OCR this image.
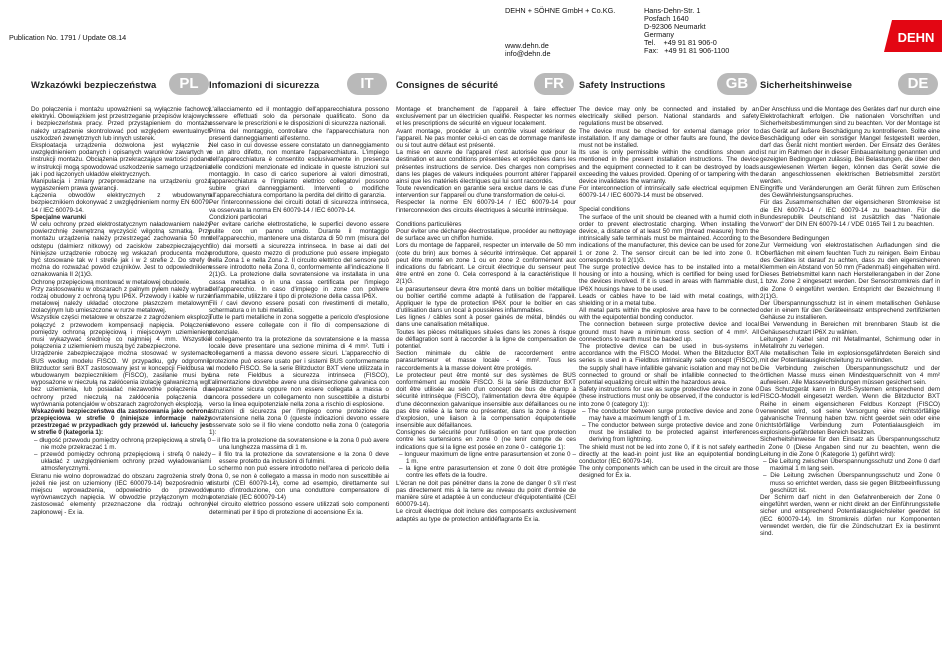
Publication No. 1791 / Update 08.14
DEHN + SÖHNE GmbH + Co.KG.
www.dehn.de
info@dehn.de
Hans-Dehn-Str. 1
Posfach 1640
D-92306 Neumarkt
Germany
Tel.    +49 91 81 906-0
Fax:   +49 91 81 906-1100
DEHN
Wzkazówki bezpieczeństwa	PL

Do połączenia i montażu upoważnieni są wyłącznie fachowcy elektryki. Obowiązkiem jest przestrzeganie przepisów krajowych i bezpieczeństwa pracy. Przed przystąpieniem do montażu należy urządzenie skontrolować pod względem ewentualnych uszkodzeń zewnętrznych lub innych usterek.

Eksploatacja urządzenia dozwolona jest wyłącznie z uwzględnieniem podanych i opisanych warunków zawartych w instrukcji montażu. Obciążenia przekraczające wartości podane w instrukcji mogą spowodować uszkodzenie samego urządzenia jak i pod łączonych układów elektrycznych.

Manipulacja i zmiany przeprowadzane na urządzeniu grożą wygaszeniem prawa gwarancji.

Łączenia obwodów elektrycznych z wbudowanym bezpiecznikiem dokonywać z uwzględnieniem normy EN 60079-14 / IEC 60079-14.

Specjalne warunki

W celu ochrony przed elektrostatycznym naładowaniem należy powierzchnię zewnętrzną wyczyścić wilgotną szmatką. Przy montażu urządzenia należy przestrzegać zachowania 50 mm odstępu (dalmierz nitkowy) od zacisków zabezpieczających. Niniejsze urządzenie roboczę wg wskazań producenta może być stosowane tak w I strefie jak i w 2 strefie 2. Do strefy 0 można do rozważać powód czujników. Jest to odpowiednikiem oznakowania II 2(1)G.

Ochronę przepięciową montować w metalowej obudowie.

Przy zastosowaniu w obszarach z palnym pyłem należy wybrać rodzaj obudowy z ochroną typu IP6X. Przewody i kable w rurze metalowej należy układać otoczone płaszczem metalowym, izolacyjnym lub umieszczone w rurze metalowej.

Wszystkie części metalowe w obszarze z zagrożeniem eksplozji połączyć z przewodem kompensacji napięcia. Połączenie pomiędzy ochroną przepięciową i miejscowym uziemieniem musi wykazywać średnicę co najmniej 4 mm. Wszystkie połączenia z uziemieniem muszą być zabezpieczone.

Urządzenie zabezpieczające można stosować w systemach BUS według modelu FISCO. W przypadku, gdy odgromnik Blitzductor serii BXT zastosowany jest w koncepcji Fieldbusa w wbudowanym bezpiecznikiem (FISCO), zasilanie musi być wyposażone w nieczułą na zakłócenia izolację galwaniczną wgl. bez uziemienia, lub posiadać niezawodne połączenia dla ochrony przed nieczułą na zakłócenia połączenia do wyrównania potencjałów w obszarach zagrożonych eksplozją.

Wskazówki bezpieczeństwa dla zastosowania jako ochrona przepięciowa w strefie 0 (niniejsze informacje należy przestrzegać w przypadkach gdy przewód ul. łańcuchy jest w strefie 0 (kategoria 1):

– długość przewodu pomiędzy ochroną przepięciową a strefą 0 nie może przekraczać 1 m.

– przewód pomiędzy ochroną przepięciową i strefą 0 należy układać z uwzględnieniem ochrony przed wyładowaniami atmosferycznymi.

Ekranu nie wolno doprowadzać do obszaru zagrożenia strefy 0 jeżeli nie jest on uziemiony (IEC 600079-14) bezpośrednio w miejscu wprowadzenia, odpowiednio do przewodów wyrównawczych napięcia. W obwodzie przyłączonym można zastosować elementy przeznaczone dla rodzaju ochrony zapłonowej - Ex ia.

Infomazioni di sicurezza	IT

L'allacciamento ed il montaggio dell'apparecchiatura possono essere effettuati solo da personale qualificato. Sono da osservare le prescrizioni e le disposizioni di sicurezza nazionali.

Prima del montaggio, controllare che l'apparecchiatura non presenti danneggiamenti all'esterno.

Nel caso in cui dovesse essere constatato un danneggiamento o un altro difetto, non montare l'apparecchiatura. L'impiego dell'apparecchiatura è consentito esclusivamente in presenza delle condizioni menzionate ed indicate in queste istruzioni sul montaggio. In caso di carico superiore ai valori dimostrati, l'apparecchiatura e l'impianto elettrico collegatovi possono subire gravi danneggiamenti. Interventi o modifiche all'apparecchiatura comportano la perdita del diritto di garanzia.

Per l'interconnessione dei circuiti dotati di sicurezza intrinseca, va osservata la norma EN 60079-14 / IEC 60079-14.

Condizioni particolari

Per evitare cariche elettrostatiche, le superfici devono essere pulite con un panno umido. Durante il montaggio dell'apparecchio, mantenere una distanza di 50 mm (misura del filo) dai morsetti a sicurezza intrinseca. In base ai dati del produttore, questo mezzo di produzione può essere impiegato nella Zona 1 e nella Zona 2. Il circuito elettrico del sensore può essere introdotto nella Zona 0, conformemente all'indicazione II 2(1)G. La protezione dalla sovratensione va installata in una cassa metallica o in una cassa certificata per l'impiego dell'apparecchio. In caso d'impiego in zone con polvere infiammabile, utilizzare il tipo di protezione della cassa IP6X.

Fili / cavi devono essere posati con rivestimenti di metallo, schermatura o in tubi metallici.

Tutte le parti metalliche in zona soggette a pericolo d'esplosione devono essere collegate con il filo di compensazione di potenziale.

Il collegamento tra la protezione da sovratensione e la massa locale deve presentare una sezione minima di 4 mm². Tutti i collegamenti a massa devono essere sicuri. L'apparecchio di protezione può essere usato per i sistemi BUS conformemente al modello FISCO. Se la serie Blitzductor BXT viene utilizzata in una rete Fieldbus a sicurezza intrinseca (FISCO), l'alimentazione dovrebbe avere una disinserzione galvanica con separazione sicura oppure non essere collegata a massa o ancora possedere un collegamento non suscettibile a disturbi verso la linea equipotenziale nella zona a rischio di esplosione.

Istruzioni di sicurezza per l'impiego come protezione da sovratensione nella zona 0 (queste indicazioni devono essere osservate solo se il filo viene condotto nella zona 0 (categoria 1):

– il filo tra la protezione da sovratensione e la zona 0 può avere una lunghezza massima di 1 m.

– il filo tra la protezione da sovratensione e la zona 0 deve essere protetto da inclusioni di fulmini.

Lo schermo non può essere introdotto nell'area di pericolo della zona 0, se non è collegato a massa in modo non suscettibile ai disturbi (CEI 60079-14), come ad esempio, direttamente sul punto d'introduzione, con una conduttore compensatore di potenziale (IEC 600079-14)

Nel circuito elettrico possono essere utilizzati solo componenti determinati per il tipo di protezione di accensione Ex ia.

Consignes de sécurité	FR

Montage et branchement de l'appareil à faire effectuer exclusivement par un électricien qualifié. Respecter les normes et les prescriptions de sécurité en vigueur localement.

Avant montage, procéder à un contrôle visuel extérieur de l'appareil. Ne pas monter celui-ci en cas de dommage manifeste ou si tout autre défaut est présenté.

La mise en œuvre de l'appareil n'est autorisée que pour la destination et aux conditions présentées et explicitées dans les présentes instructions de service. Des charges non comprises dans les plages de valeurs indiquées pourront altérer l'appareil ainsi que les matériels électriques qui lui sont raccordés.

Toute revendication en garantie sera exclue dans le cas d'une intervention sur l'appareil ou d'une transformation de celui-ci.

Respecter la norme EN 60079-14 / IEC 60079-14 pour l'interconnexion des circuits électriques à sécurité intrinsèque.

Conditions particulières

Pour éviter une décharge électrostatique, procéder au nettoyage de surface avec un chiffon humide.

Lors du montage de l'appareil, respecter un intervalle de 50 mm (cote du brin) aux bornes à sécurité intrinsèque. Cet appareil peut être monté en zone 1 ou en zone 2 conformément aux indications du fabricant. Le circuit électrique du senseur peut être entré en zone 0. Cela correspond à la caractéristique II 2(1)G.

Le parasurtenseur devra être monté dans un boîtier métallique ou boîtier certifié comme adapté à l'utilisation de l'appareil. Appliquer le type de protection IP6X pour le boîtier en cas d'utilisation dans un local à poussières inflammables.

Les lignes / câbles sont à poser gainés de métal, blindés ou dans une canalisation métallique.

Toutes les pièces métalliques situées dans les zones à risque de déflagration sont à raccorder à la ligne de compensation de potentiel.

Section minimale du câble de raccordement entre parasurtenseur et masse locale - 4 mm². Tous les raccordements à la masse doivent être protégés.

Le protecteur peut être monté sur des systèmes de BUS conformément au modèle FISCO. Si la série Blitzductor BXT doit être utilisée au sein d'un concept de bus de champ à sécurité intrinsèque (FISCO), l'alimentation devra être équipée d'une déconnexion galvanique insensible aux défaillances ou ne pas être reliée à la terre ou présenter, dans la zone à risque d'explosion, une liaison à la compensation équipotentielle insensible aux défaillances.

Consignes de sécurité pour l'utilisation en tant que protection contre les surtensions en zone 0 (ne tenir compte de ces indications que si la ligne est posée en zone 0 - catégorie 1):

– longueur maximum de ligne entre parasurtension et zone 0 – 1 m.

– la ligne entre parasurtension et zone 0 doit être protégée contre les effets de la foudre.

L'écran ne doit pas pénétrer dans la zone de danger 0 s'il n'est pas directement mis à la terre au niveau du point d'entrée de manière sûre et adaptée à un conducteur d'équipotentialité (CEI 600079-14).

Le circuit électrique doit inclure des composants exclusivement adaptés au type de protection antidéflagrante Ex ia.

Safety Instructions	GB

The device may only be connected and installed by an electrically skilled person. National standards and safety regulations must be observed.

The device must be checked for external damage prior to installation. If any damage or other faults are found, the device must not be installed.

Its use is only permissible within the conditions shown and mentioned in the present installation instructions. The device and the equipment connected to it can be destroyed by loads exceeding the values provided. Opening of or tampering with the device invalidates the warranty.

For interconnection of intrinsically safe electrical equipmen EN 60079-14 / IEC 60079-14 must be observed.

Special conditions

The surface of the unit should be cleaned with a humid cloth in order to prevent electrostatic charging. When installing the device, a distance of at least 50 mm (thread measure) from the intrinsically safe terminals must be maintained. According to the indications of the manufacturer, this device can be used for zone 1 or zone 2. The sensor circuit can be led into zone 0. It corresponds to II 2(1)G.

The surge protective device has to be installed into a metal housing or into a housing, which is certified for being used for the devices involved. If it is used in areas with flammable dust, IP6X housings have to be used.

Leads or cables have to be laid with metal coatings, with shielding or in a metal tube.

All metal parts within the explosive area have to be connected with the equipotential bonding conductor.

The connection between surge protective device and local ground must have a minimum cross section of 4 mm². All connections to earth must be backed up.

The protective device can be used in bus-systems in accordance with the FISCO Model. When the Blitzductor BXT series is used in a Fieldbus intrinsically safe concept (FISCO), the supply shall have infallible galvanic isolation and may not be connected to ground or shall be infallible connected to the potential equalizing circuit within the hazardous area.

Safety instructions for use as surge protective device in zone 0 (these instructions must only be observed, if the conductor is led into zone 0 (category 1)):

– The conductor between surge protective device and zone 0 may have a maximum length of 1 m.

– The conductor between surge protective device and zone 0 must be installed to be protected against interferences deriving from lightning.

The shield must not be led into zone 0, if it is not safely earthed directly at the lead-in point just like an equipotential bonding conductor (IEC 60079-14).

The only components which can be used in the circuit are those designed for Ex ia.

Sicherheitshinweise	DE

Der Anschluss und die Montage des Gerätes darf nur durch eine Elektrofachkraft erfolgen. Die nationalen Vorschriften und Sicherheitsbestimmungen sind zu beachten. Vor der Montage ist das Gerät auf äußere Beschädigung zu kontrollieren. Sollte eine Beschädigung oder ein sonstiger Mangel festgestellt werden, darf das Gerät nicht montiert werden. Der Einsatz des Gerätes ist nur im Rahmen der in dieser Einbauanleitung genannten und gezeigten Bedingungen zulässig. Bei Belastungen, die über den ausgewiesenen Werten liegen, können das Gerät sowie die daran angeschlossenen elektrischen Betriebsmittel zerstört werden.

Eingriffe und Veränderungen am Gerät führen zum Erlöschen des Gewährleistungsanspruches.

Für das Zusammenschalten der eigensicheren Stromkreise ist die EN 60079-14 / IEC 60079-14 zu beachten. Für die Bundesrepublik Deutschland ist zusätzlich das "Nationale Vorwort" der DIN EN 60079-14 / VDE 0165 Teil 1 zu beachten.

Besondere Bedingungen

Zur Vermeidung von elektrostatischen Aufladungen sind die Oberflächen mit einem feuchten Tuch zu reinigen. Beim Einbau des Gerätes ist darauf zu achten, dass zu den eigensicheren Klemmen ein Abstand von 50 mm (Fadenmaß) eingehalten wird. Dieses Betriebsmittel kann nach Herstellerangaben in der Zone 1 bzw. Zone 2 eingesetzt werden. Der Sensorstromkreis darf in die Zone 0 eingeführt werden. Entspricht der Bezeichnung II 2(1)G.

Der Überspannungsschutz ist in einem metallischen Gehäuse oder in einem für den Geräteeinsatz entsprechend zertifizierten Gehäuse zu installieren.

Bei Verwendung in Bereichen mit brennbaren Staub ist die Gehäuseschutzart IP6X zu wählen.

Leitungen / Kabel sind mit Metallmantel, Schirmung oder in Metallrohr zu verlegen.

Alle metallischen Teile im explosionsgefährdeten Bereich sind mit der Potentialausgleichsleitung zu verbinden.

Die Verbindung zwischen Überspannungsschutz und der örtlichen Masse muss einen Mindestquerschnitt von 4 mm² aufweisen. Alle Masseverbindungen müssen gesichert sein.

Das Schutzgerät kann in BUS-Systemen entsprechend dem FISCO-Modell eingesetzt werden. Wenn die Blitzductor BXT Reihe in einem eigensicheren Feldbus Konzept (FISCO) verwendet wird, soll seine Versorgung eine nichtstörfällige galvanische Trennung haben bzw. nicht geerdet sein oder eine nichtstörfällige Verbindung zum Potentialausgleich im explosions-gefährdeten Bereich besitzen.

Sicherheitshinweise für den Einsatz als Überspannungsschutz in Zone 0 (Diese Angaben sind nur zu beachten, wenn die Leitung in die Zone 0 (Kategorie 1) geführt wird):

– Die Leitung zwischen Überspannungsschutz und Zone 0 darf maximal 1 m lang sein.

– Die Leitung zwischen Überspannungsschutz und Zone 0 muss so errichtet werden, dass sie gegen Blitzbeeinflussung geschützt ist.

Der Schirm darf nicht in den Gefahrenbereich der Zone 0 eingeführt werden, wenn er nicht direkt an der Einführungsstelle sicher und entsprechend Potentialausgleichsleiter geerdet ist (IEC 600079-14). Im Stromkreis dürfen nur Komponenten verwendet werden, die für die Zündschutzart Ex ia bestimmt sind.
